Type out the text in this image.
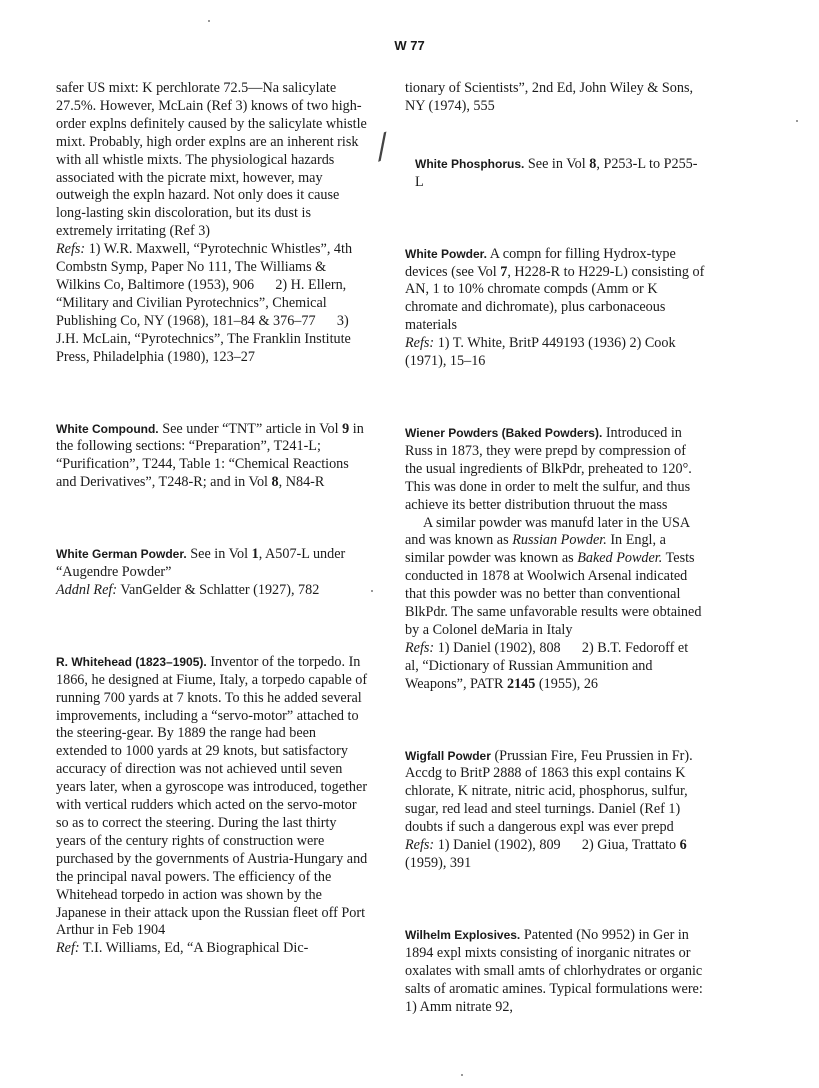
W 77
⁄

safer US mixt: K perchlorate 72.5—Na salicylate 27.5%. However, McLain (Ref 3) knows of two high-order explns definitely caused by the salicylate whistle mixt. Probably, high order explns are an inherent risk with all whistle mixts. The physiological hazards associated with the picrate mixt, however, may outweigh the expln hazard. Not only does it cause long-lasting skin discoloration, but its dust is extremely irritating (Ref 3)
Refs: 1) W.R. Maxwell, “Pyrotechnic Whistles”, 4th Combstn Symp, Paper No 111, The Williams & Wilkins Co, Baltimore (1953), 906    2) H. Ellern, “Military and Civilian Pyrotechnics”, Chemical Publishing Co, NY (1968), 181–84 & 376–77    3) J.H. McLain, “Pyrotechnics”, The Franklin Institute Press, Philadelphia (1980), 123–27

White Compound. See under “TNT” article in Vol 9 in the following sections: “Preparation”, T241-L; “Purification”, T244, Table 1: “Chemical Reactions and Derivatives”, T248-R; and in Vol 8, N84-R

White German Powder. See in Vol 1, A507-L under “Augendre Powder”
Addnl Ref: VanGelder & Schlatter (1927), 782

R. Whitehead (1823–1905). Inventor of the torpedo. In 1866, he designed at Fiume, Italy, a torpedo capable of running 700 yards at 7 knots. To this he added several improvements, including a “servo-motor” attached to the steering-gear. By 1889 the range had been extended to 1000 yards at 29 knots, but satisfactory accuracy of direction was not achieved until seven years later, when a gyroscope was introduced, together with vertical rudders which acted on the servo-motor so as to correct the steering. During the last thirty years of the century rights of construction were purchased by the governments of Austria-Hungary and the principal naval powers. The efficiency of the Whitehead torpedo in action was shown by the Japanese in their attack upon the Russian fleet off Port Arthur in Feb 1904
Ref: T.I. Williams, Ed, “A Biographical Dic-

tionary of Scientists”, 2nd Ed, John Wiley & Sons, NY (1974), 555

White Phosphorus. See in Vol 8, P253-L to P255-L

White Powder. A compn for filling Hydrox-type devices (see Vol 7, H228-R to H229-L) consisting of AN, 1 to 10% chromate compds (Amm or K chromate and dichromate), plus carbonaceous materials
Refs: 1) T. White, BritP 449193 (1936) 2) Cook (1971), 15–16

Wiener Powders (Baked Powders). Introduced in Russ in 1873, they were prepd by compression of the usual ingredients of BlkPdr, preheated to 120°. This was done in order to melt the sulfur, and thus achieve its better distribution thruout the mass
A similar powder was manufd later in the USA and was known as Russian Powder. In Engl, a similar powder was known as Baked Powder. Tests conducted in 1878 at Woolwich Arsenal indicated that this powder was no better than conventional BlkPdr. The same unfavorable results were obtained by a Colonel deMaria in Italy
Refs: 1) Daniel (1902), 808    2) B.T. Fedoroff et al, “Dictionary of Russian Ammunition and Weapons”, PATR 2145 (1955), 26

Wigfall Powder (Prussian Fire, Feu Prussien in Fr). Accdg to BritP 2888 of 1863 this expl contains K chlorate, K nitrate, nitric acid, phosphorus, sulfur, sugar, red lead and steel turnings. Daniel (Ref 1) doubts if such a dangerous expl was ever prepd
Refs: 1) Daniel (1902), 809    2) Giua, Trattato 6 (1959), 391

Wilhelm Explosives. Patented (No 9952) in Ger in 1894 expl mixts consisting of inorganic nitrates or oxalates with small amts of chlorhydrates or organic salts of aromatic amines. Typical formulations were: 1) Amm nitrate 92,
